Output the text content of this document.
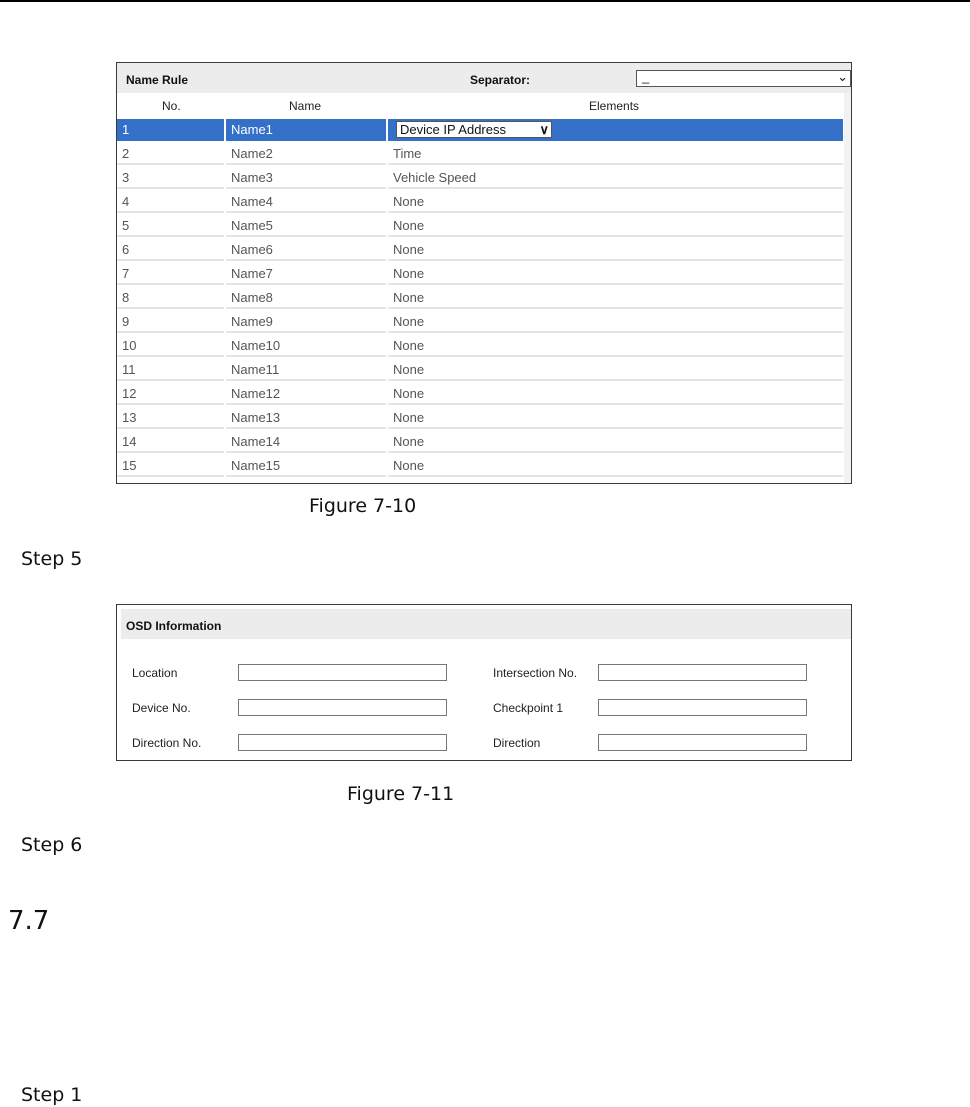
Name Rule	Separator:	_	⌄
No.	Name	Elements
1	Name1	Device IP Address	∨
2	Name2	Time
3	Name3	Vehicle Speed
4	Name4	None
5	Name5	None
6	Name6	None
7	Name7	None
8	Name8	None
9	Name9	None
10	Name10	None
11	Name11	None
12	Name12	None
13	Name13	None
14	Name14	None
15	Name15	None
Figure 7-10
Step 5
OSD Information
Location	Intersection No.
Device No.	Checkpoint 1
Direction No.	Direction
Figure 7-11
Step 6
7.7
Step 1
